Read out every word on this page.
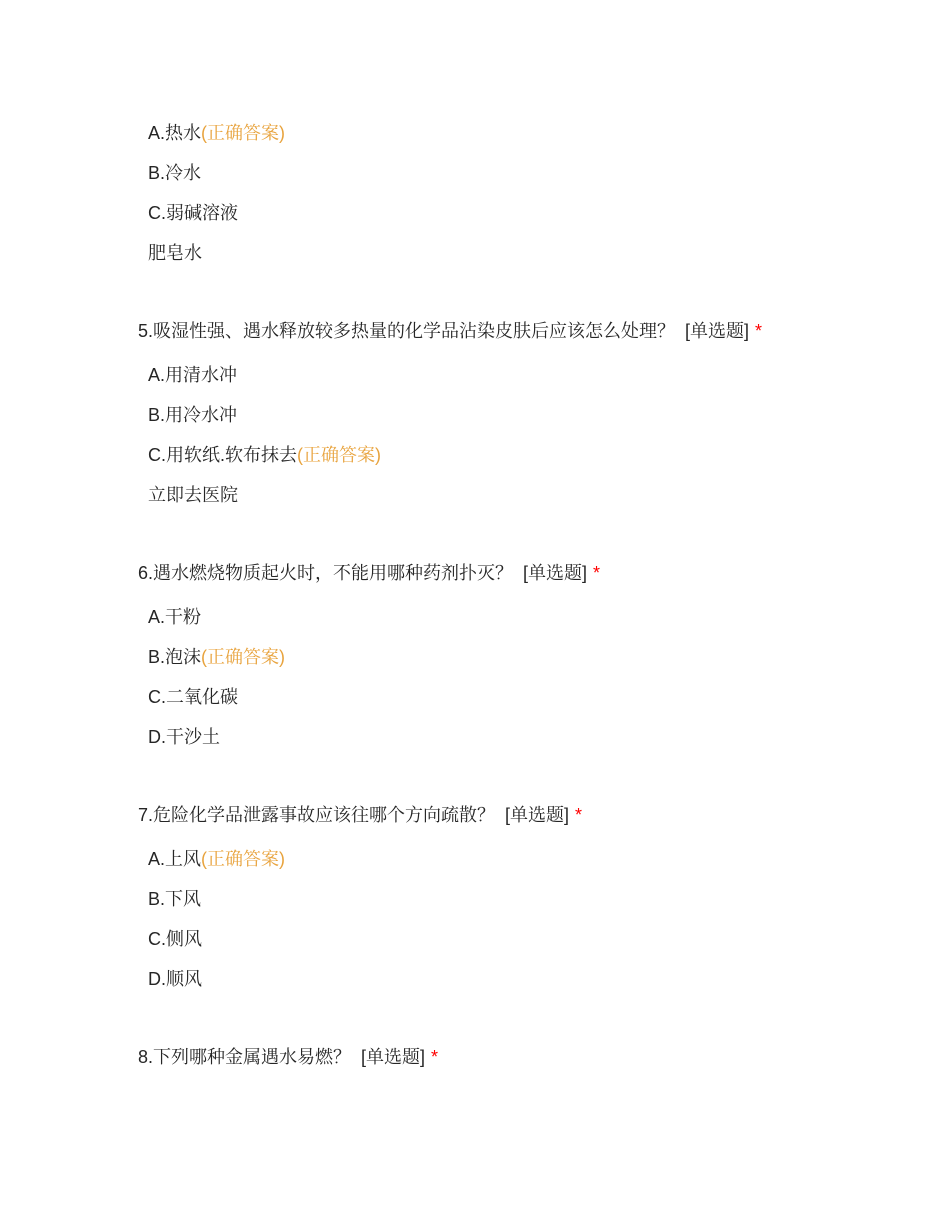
A.热水(正确答案)
B.冷水
C.弱碱溶液
肥皂水
5.吸湿性强、遇水释放较多热量的化学品沾染皮肤后应该怎么处理？ [单选题] *
A.用清水冲
B.用冷水冲
C.用软纸.软布抹去(正确答案)
立即去医院
6.遇水燃烧物质起火时，不能用哪种药剂扑灭？ [单选题] *
A.干粉
B.泡沫(正确答案)
C.二氧化碳
D.干沙土
7.危险化学品泄露事故应该往哪个方向疏散？ [单选题] *
A.上风(正确答案)
B.下风
C.侧风
D.顺风
8.下列哪种金属遇水易燃？ [单选题] *
